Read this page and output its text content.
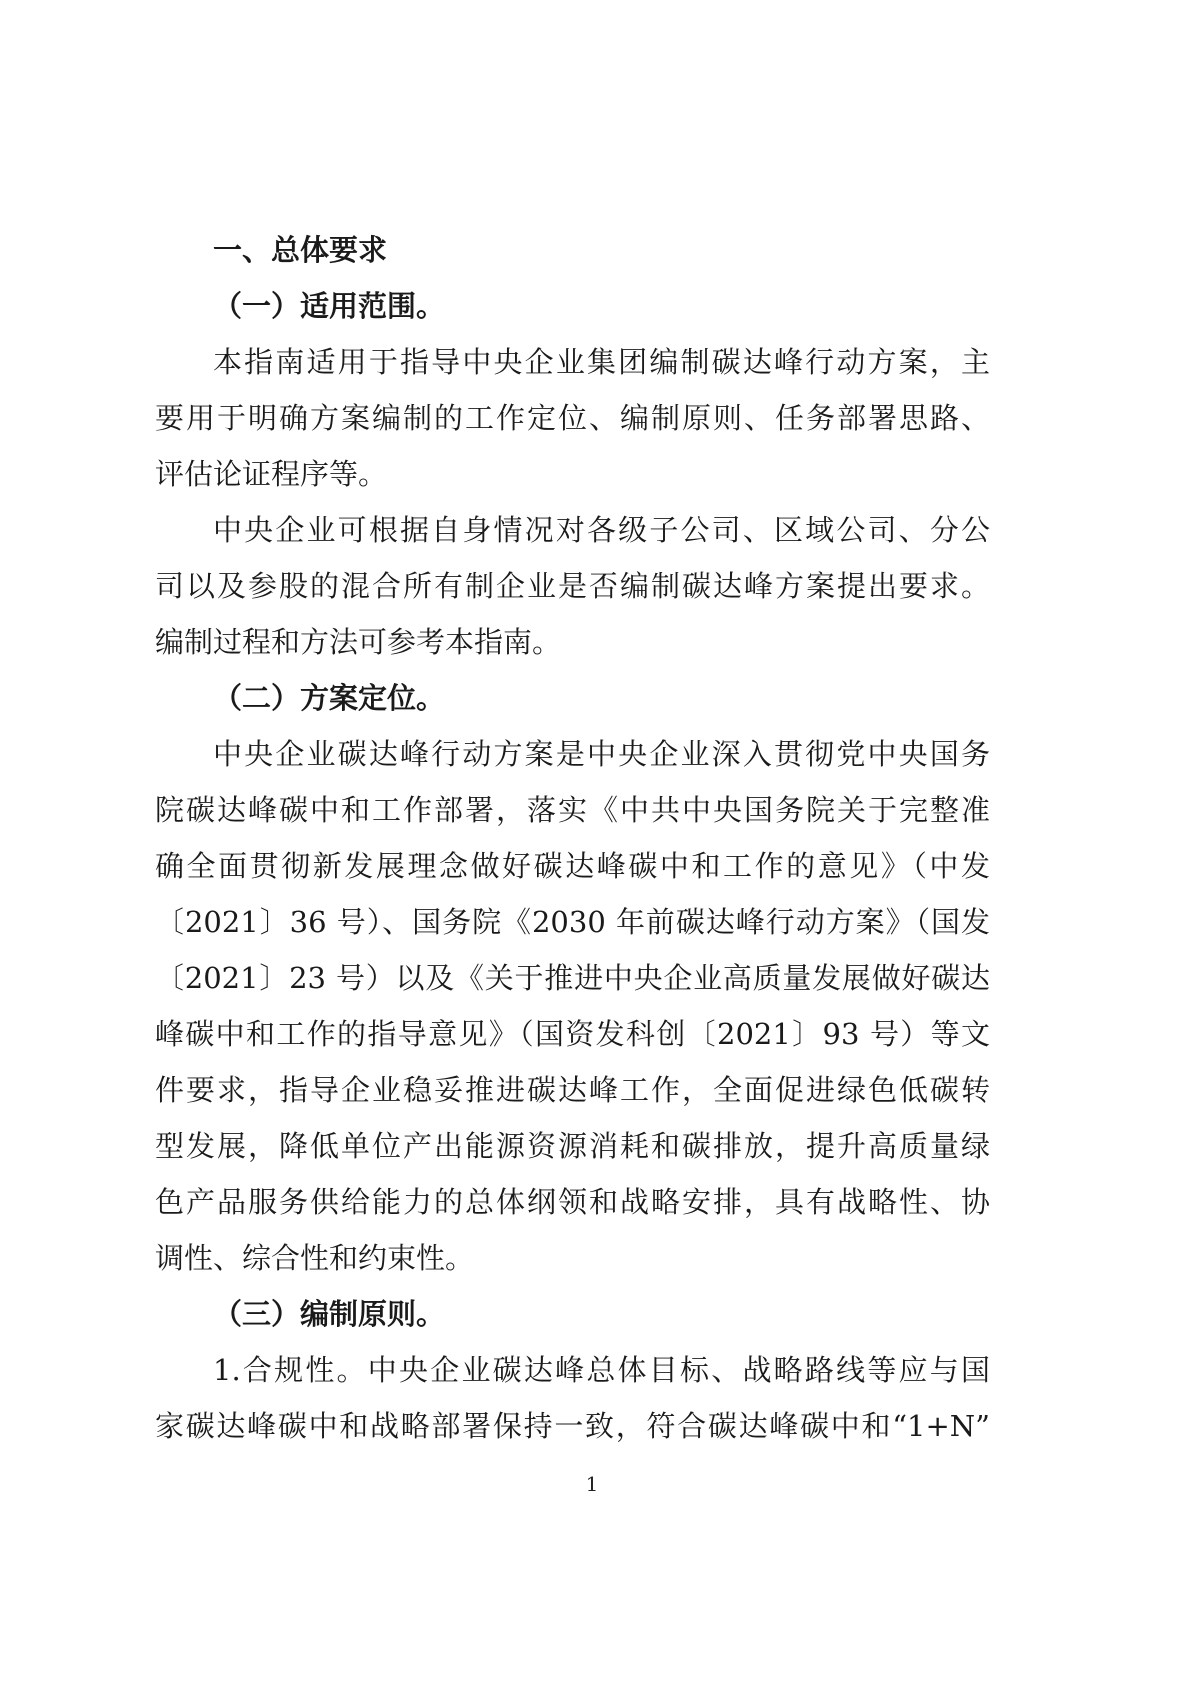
一、总体要求
（一）适用范围。
本指南适用于指导中央企业集团编制碳达峰行动方案，主
要用于明确方案编制的工作定位、编制原则、任务部署思路、
评估论证程序等。
中央企业可根据自身情况对各级子公司、区域公司、分公
司以及参股的混合所有制企业是否编制碳达峰方案提出要求。
编制过程和方法可参考本指南。
（二）方案定位。
中央企业碳达峰行动方案是中央企业深入贯彻党中央国务
院碳达峰碳中和工作部署，落实《中共中央国务院关于完整准
确全面贯彻新发展理念做好碳达峰碳中和工作的意见》（中发
〔2021〕36 号）、国务院《2030 年前碳达峰行动方案》（国发
〔2021〕23 号）以及《关于推进中央企业高质量发展做好碳达
峰碳中和工作的指导意见》（国资发科创〔2021〕93 号）等文
件要求，指导企业稳妥推进碳达峰工作，全面促进绿色低碳转
型发展，降低单位产出能源资源消耗和碳排放，提升高质量绿
色产品服务供给能力的总体纲领和战略安排，具有战略性、协
调性、综合性和约束性。
（三）编制原则。
1.合规性。中央企业碳达峰总体目标、战略路线等应与国
家碳达峰碳中和战略部署保持一致，符合碳达峰碳中和“1+N”
1
